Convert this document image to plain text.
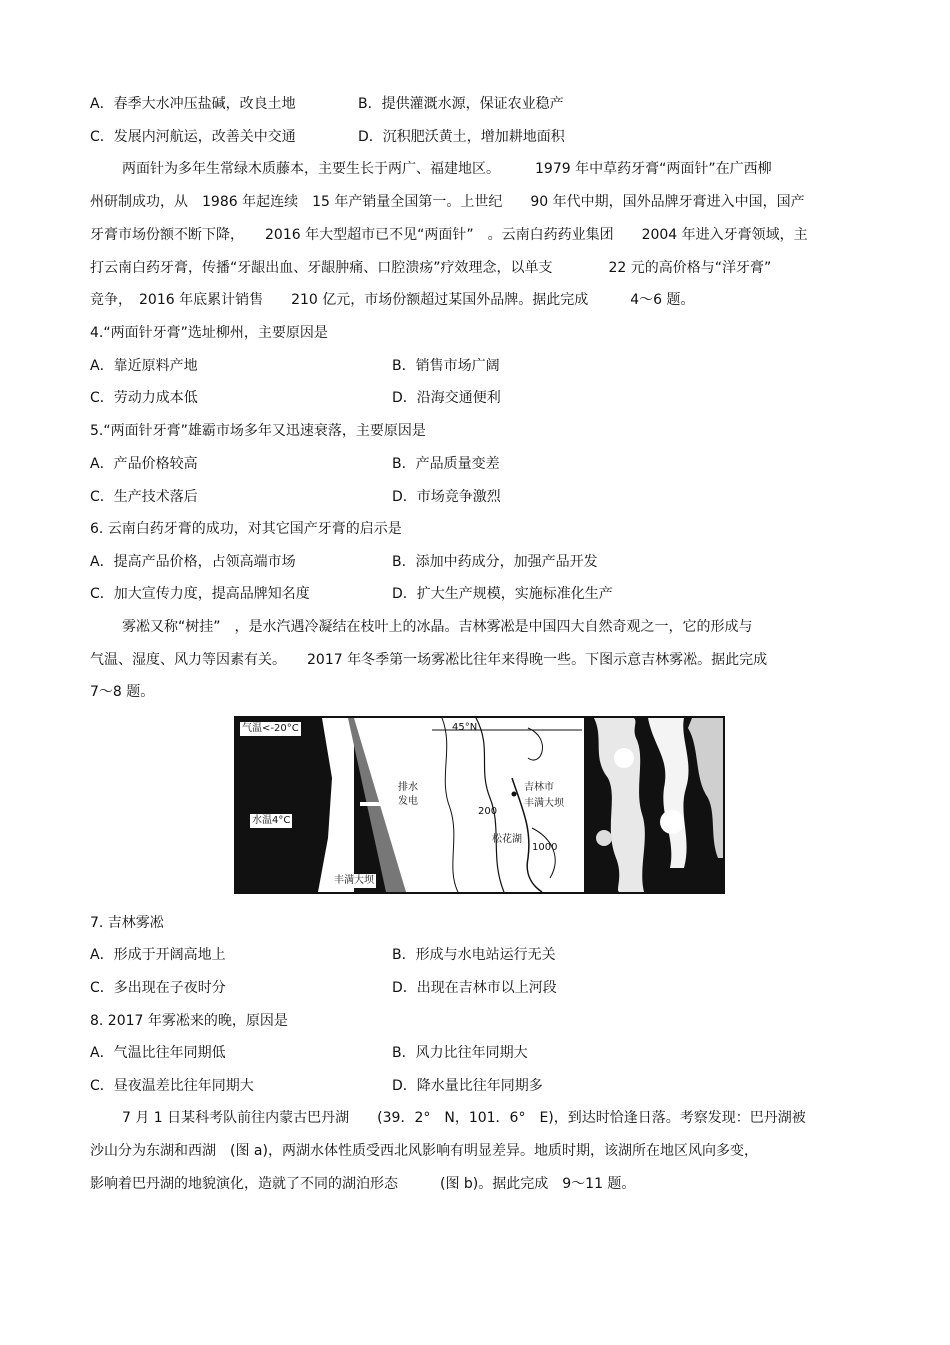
A．春季大水冲压盐碱，改良土地	B．提供灌溉水源，保证农业稳产
C．发展内河航运，改善关中交通	D．沉积肥沃黄土，增加耕地面积
两面针为多年生常绿木质藤本，主要生长于两广、福建地区。　　　1979 年中草药牙膏“两面针”在广西柳
州研制成功，从　1986 年起连续　15 年产销量全国第一。上世纪　　90 年代中期，国外品牌牙膏进入中国，国产
牙膏市场份额不断下降，　　2016 年大型超市已不见“两面针”　。云南白药药业集团　　2004 年进入牙膏领域，主
打云南白药牙膏，传播“牙龈出血、牙龈肿痛、口腔溃疡”疗效理念，以单支　　　　22 元的高价格与“洋牙膏”
竞争，　2016 年底累计销售　　210 亿元，市场份额超过某国外品牌。据此完成　　　4～6 题。
4.“两面针牙膏”选址柳州，主要原因是
A．靠近原料产地	B．销售市场广阔
C．劳动力成本低	D．沿海交通便利
5.“两面针牙膏”雄霸市场多年又迅速衰落，主要原因是
A．产品价格较高	B．产品质量变差
C．生产技术落后	D．市场竞争激烈
6. 云南白药牙膏的成功，对其它国产牙膏的启示是
A．提高产品价格，占领高端市场	B．添加中药成分，加强产品开发
C．加大宣传力度，提高品牌知名度	D．扩大生产规模，实施标准化生产
雾凇又称“树挂”　，是水汽遇冷凝结在枝叶上的冰晶。吉林雾凇是中国四大自然奇观之一，它的形成与
气温、湿度、风力等因素有关。　　2017 年冬季第一场雾凇比往年来得晚一些。下图示意吉林雾凇。据此完成
7～8 题。
气温<-20°C
水温4°C
排水
发电
丰满大坝
45°N
200
吉林市
丰满大坝
松花湖
1000
7. 吉林雾凇
A．形成于开阔高地上	B．形成与水电站运行无关
C．多出现在子夜时分	D．出现在吉林市以上河段
8. 2017 年雾凇来的晚，原因是
A．气温比往年同期低	B．风力比往年同期大
C．昼夜温差比往年同期大	D．降水量比往年同期多
7 月 1 日某科考队前往内蒙古巴丹湖　　(39．2°　N，101．6°　E)，到达时恰逢日落。考察发现：巴丹湖被
沙山分为东湖和西湖　(图 a)，两湖水体性质受西北风影响有明显差异。地质时期，该湖所在地区风向多变，
影响着巴丹湖的地貌演化，造就了不同的湖泊形态　　　(图 b)。据此完成　9～11 题。
